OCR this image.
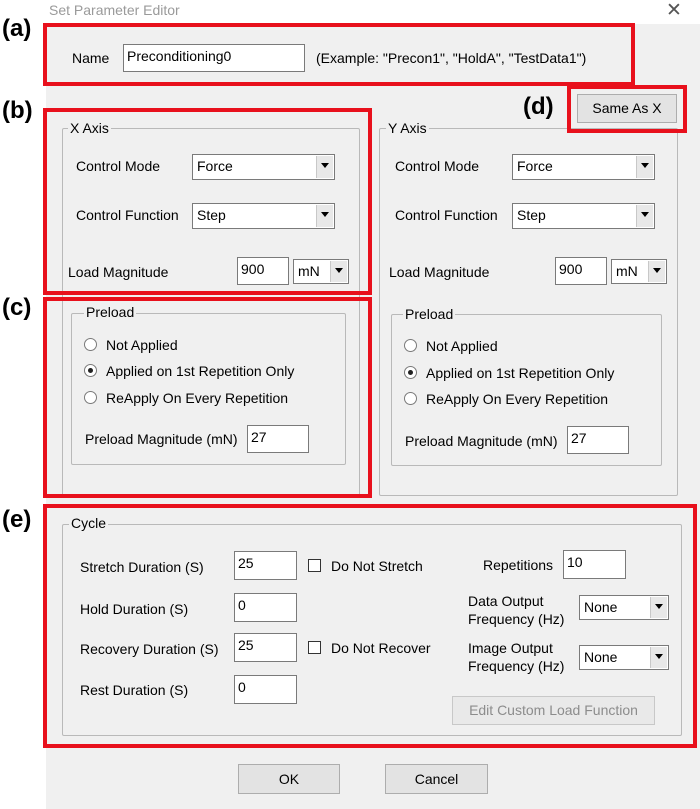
Set Parameter Editor	✕
Name Preconditioning0	(Example: "Precon1", "HoldA", "TestData1")
X Axis
Control Mode	Force
Control Function Step
Load Magnitude	900	mN
Preload
Not Applied
Applied on 1st Repetition Only
ReApply On Every Repetition
Preload Magnitude (mN) 27
Y Axis
Same As X
Control Mode	Force
Control Function Step
Load Magnitude	900	mN
Preload
Not Applied
Applied on 1st Repetition Only
ReApply On Every Repetition
Preload Magnitude (mN) 27
Cycle
Stretch Duration (S) 25	Do Not Stretch
Hold Duration (S)	0
Recovery Duration (S) 25	Do Not Recover
Rest Duration (S)	0
Repetitions 10
Data Output
Frequency (Hz)
None
Image Output
Frequency (Hz)
None
Edit Custom Load Function
OK	Cancel
(a)
(b)
(c)
(d)
(e)
